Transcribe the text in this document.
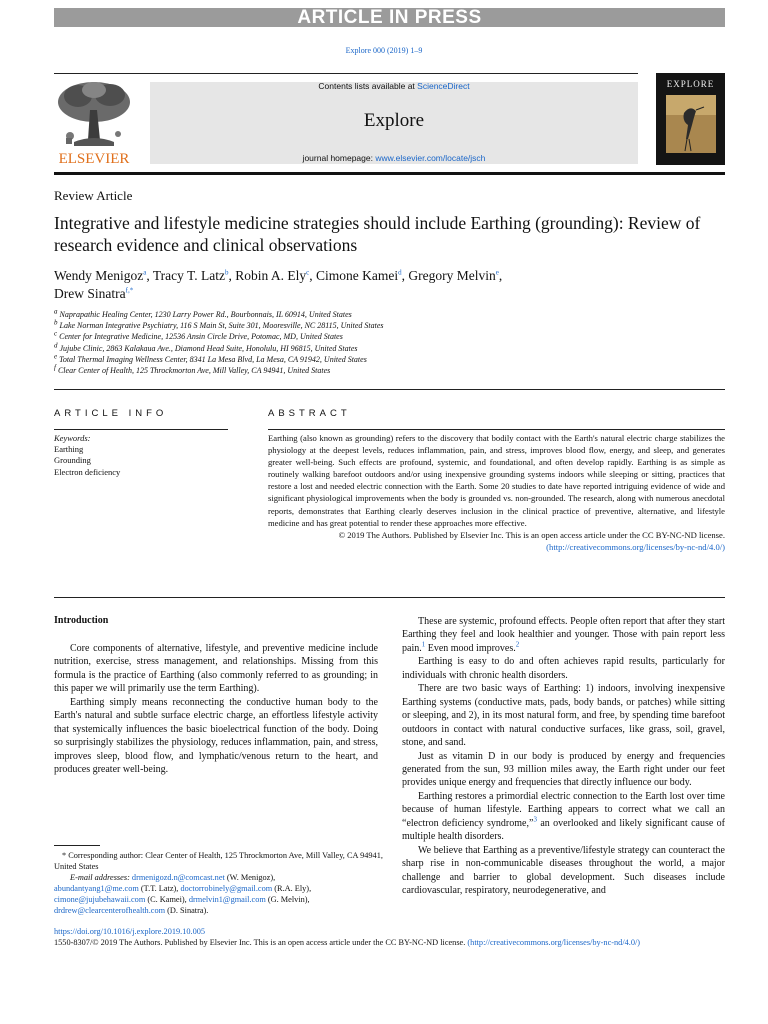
ARTICLE IN PRESS
Explore 000 (2019) 1–9
ELSEVIER
Contents lists available at ScienceDirect
Explore
journal homepage: www.elsevier.com/locate/jsch
EXPLORE
Review Article
Integrative and lifestyle medicine strategies should include Earthing (grounding): Review of research evidence and clinical observations
Wendy Menigoz$^a$, Tracy T. Latz$^b$, Robin A. Ely$^c$, Cimone Kamei$^d$, Gregory Melvin$^e$,
Drew Sinatra$^{f,*}$
a Naprapathic Healing Center, 1230 Larry Power Rd., Bourbonnais, IL 60914, United States
b Lake Norman Integrative Psychiatry, 116 S Main St, Suite 301, Mooresville, NC 28115, United States
c Center for Integrative Medicine, 12536 Ansin Circle Drive, Potomac, MD, United States
d Jujube Clinic, 2863 Kalakaua Ave., Diamond Head Suite, Honolulu, HI 96815, United States
e Total Thermal Imaging Wellness Center, 8341 La Mesa Blvd, La Mesa, CA 91942, United States
f Clear Center of Health, 125 Throckmorton Ave, Mill Valley, CA 94941, United States
ARTICLE INFO	ABSTRACT
Keywords:
Earthing
Grounding
Electron deficiency
Earthing (also known as grounding) refers to the discovery that bodily contact with the Earth's natural electric charge stabilizes the physiology at the deepest levels, reduces inflammation, pain, and stress, improves blood flow, energy, and sleep, and generates greater well-being. Such effects are profound, systemic, and foundational, and often develop rapidly. Earthing is as simple as routinely walking barefoot outdoors and/or using inexpensive grounding systems indoors while sleeping or sitting, practices that restore a lost and needed electric connection with the Earth. Some 20 studies to date have reported intriguing evidence of wide and significant physiological improvements when the body is grounded vs. non-grounded. The research, along with numerous anecdotal reports, demonstrates that Earthing clearly deserves inclusion in the clinical practice of preventive, alternative, and lifestyle medicine and has great potential to render these approaches more effective.
© 2019 The Authors. Published by Elsevier Inc. This is an open access article under the CC BY-NC-ND license.
(http://creativecommons.org/licenses/by-nc-nd/4.0/)
Introduction

Core components of alternative, lifestyle, and preventive medicine include nutrition, exercise, stress management, and relationships. Missing from this formula is the practice of Earthing (also commonly referred to as grounding; in this paper we will primarily use the term Earthing).

Earthing simply means reconnecting the conductive human body to the Earth's natural and subtle surface electric charge, an effortless lifestyle activity that systemically influences the basic bioelectrical function of the body. Doing so surprisingly stabilizes the physiology, reduces inflammation, pain, and stress, improves sleep, blood flow, and lymphatic/venous return to the heart, and produces greater well-being.

These are systemic, profound effects. People often report that after they start Earthing they feel and look healthier and younger. Those with pain report less pain.$^1$ Even mood improves.$^2$

Earthing is easy to do and often achieves rapid results, particularly for individuals with chronic health disorders.

There are two basic ways of Earthing: 1) indoors, involving inexpensive Earthing systems (conductive mats, pads, body bands, or patches) while sitting or sleeping, and 2), in its most natural form, and free, by spending time barefoot outdoors in contact with natural conductive surfaces, like grass, soil, gravel, stone, and sand.

Just as vitamin D in our body is produced by energy and frequencies generated from the sun, 93 million miles away, the Earth right under our feet provides unique energy and frequencies that directly influence our body.

Earthing restores a primordial electric connection to the Earth lost over time because of human lifestyle. Earthing appears to correct what we call an “electron deficiency syndrome,”$^3$ an overlooked and likely significant cause of multiple health disorders.

We believe that Earthing as a preventive/lifestyle strategy can counteract the sharp rise in non-communicable diseases throughout the world, a major challenge and barrier to global development. Such diseases include cardiovascular, respiratory, neurodegenerative, and

* Corresponding author: Clear Center of Health, 125 Throckmorton Ave, Mill Valley, CA 94941, United States
E-mail addresses: drmenigozd.n@comcast.net (W. Menigoz),
abundantyang1@me.com (T.T. Latz), doctorrobinely@gmail.com (R.A. Ely),
cimone@jujubehawaii.com (C. Kamei), drmelvin1@gmail.com (G. Melvin),
drdrew@clearcenterofhealth.com (D. Sinatra).
https://doi.org/10.1016/j.explore.2019.10.005
1550-8307/© 2019 The Authors. Published by Elsevier Inc. This is an open access article under the CC BY-NC-ND license. (http://creativecommons.org/licenses/by-nc-nd/4.0/)
